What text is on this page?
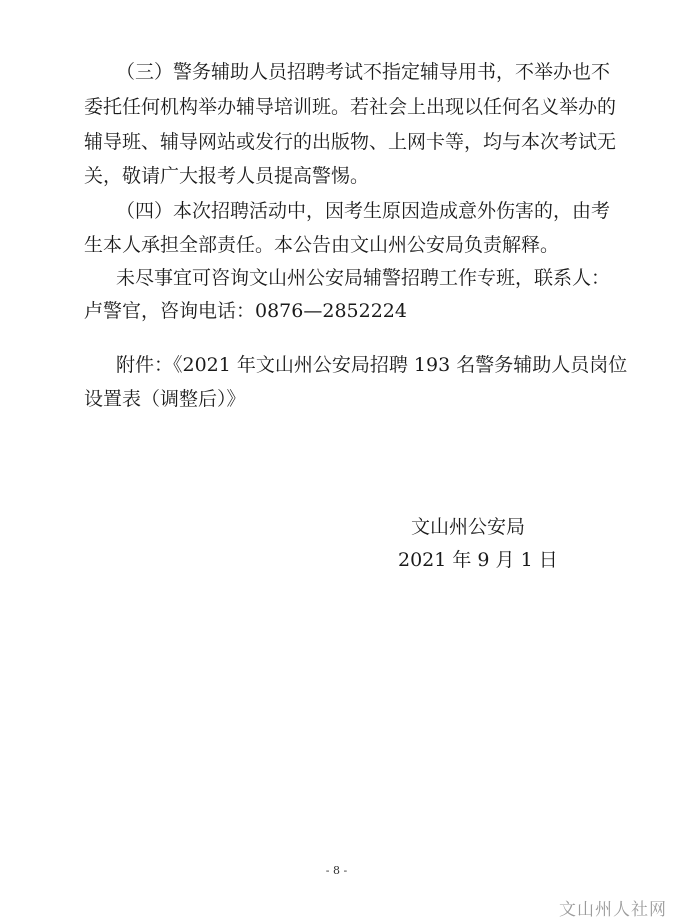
（三）警务辅助人员招聘考试不指定辅导用书，不举办也不
委托任何机构举办辅导培训班。若社会上出现以任何名义举办的
辅导班、辅导网站或发行的出版物、上网卡等，均与本次考试无
关，敬请广大报考人员提高警惕。
（四）本次招聘活动中，因考生原因造成意外伤害的，由考
生本人承担全部责任。本公告由文山州公安局负责解释。
未尽事宜可咨询文山州公安局辅警招聘工作专班，联系人：
卢警官，咨询电话：0876—2852224
附件：《2021 年文山州公安局招聘 193 名警务辅助人员岗位
设置表（调整后）》
文山州公安局
2021 年 9 月 1 日
- 8 -
文山州人社网
